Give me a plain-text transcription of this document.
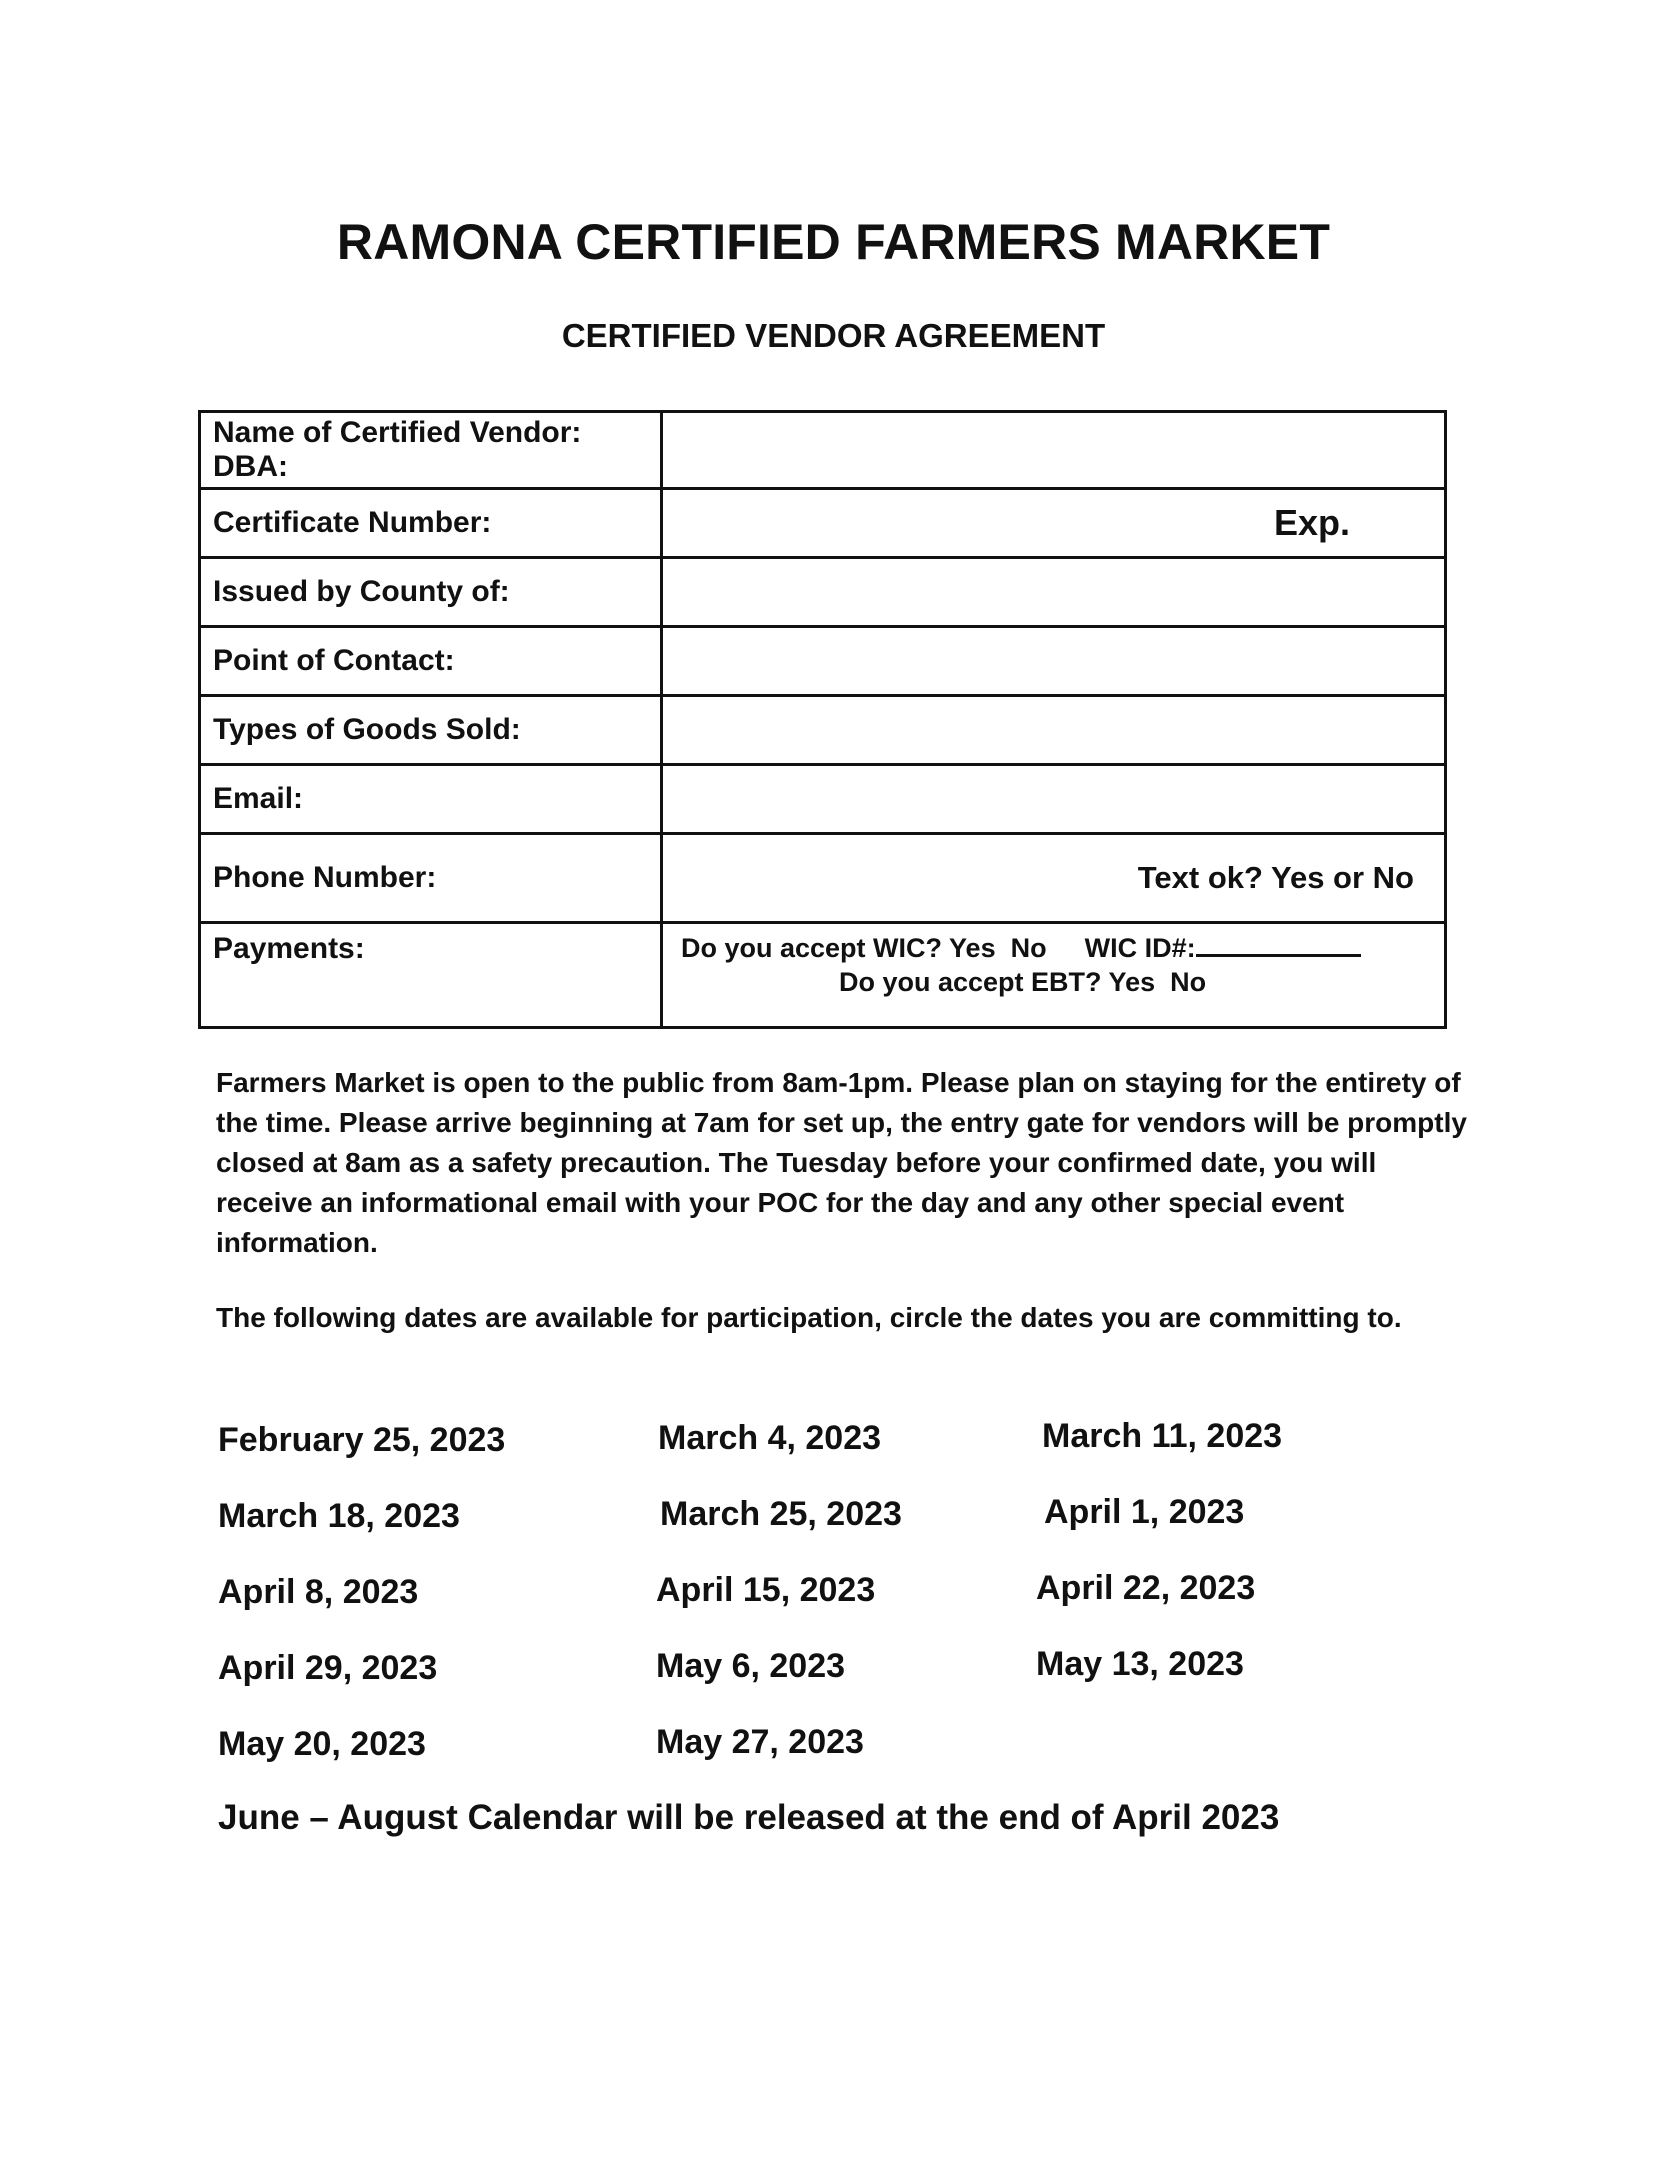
RAMONA CERTIFIED FARMERS MARKET
CERTIFIED VENDOR AGREEMENT
Name of Certified Vendor:
DBA:	

Certificate Number:	Exp.

Issued by County of:	
Point of Contact:	
Types of Goods Sold:	
Email:	
Phone Number:	Text ok? Yes or No

Payments:	Do you accept WIC? Yes  No WIC ID#:
Do you accept EBT? Yes  No

Farmers Market is open to the public from 8am-1pm. Please plan on staying for the entirety of the time. Please arrive beginning at 7am for set up, the entry gate for vendors will be promptly closed at 8am as a safety precaution. The Tuesday before your confirmed date, you will receive an informational email with your POC for the day and any other special event information.

The following dates are available for participation, circle the dates you are committing to.

February 25, 2023	March 4, 2023	March 11, 2023
March 18, 2023	March 25, 2023	April 1, 2023
April 8, 2023	April 15, 2023	April 22, 2023
April 29, 2023	May 6, 2023	May 13, 2023
May 20, 2023	May 27, 2023
June – August Calendar will be released at the end of April 2023
